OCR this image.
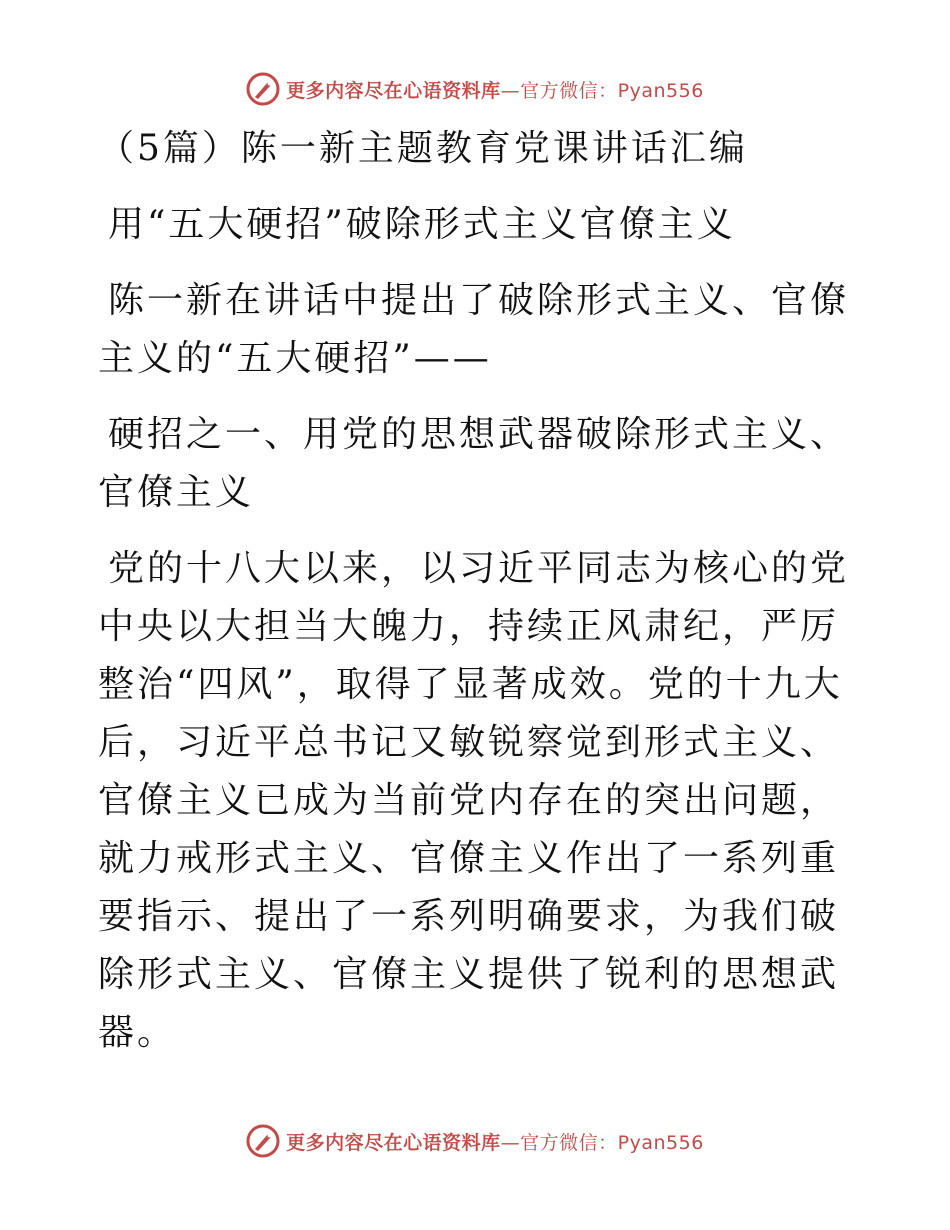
更多内容尽在心语资料库—官方微信：Pyan556

（5篇）陈一新主题教育党课讲话汇编

用“五大硬招”破除形式主义官僚主义

陈一新在讲话中提出了破除形式主义、官僚主义的“五大硬招”——

硬招之一、用党的思想武器破除形式主义、官僚主义

党的十八大以来，以习近平同志为核心的党中央以大担当大魄力，持续正风肃纪，严厉整治“四风”，取得了显著成效。党的十九大后，习近平总书记又敏锐察觉到形式主义、官僚主义已成为当前党内存在的突出问题，就力戒形式主义、官僚主义作出了一系列重要指示、提出了一系列明确要求，为我们破除形式主义、官僚主义提供了锐利的思想武器。

更多内容尽在心语资料库—官方微信：Pyan556
